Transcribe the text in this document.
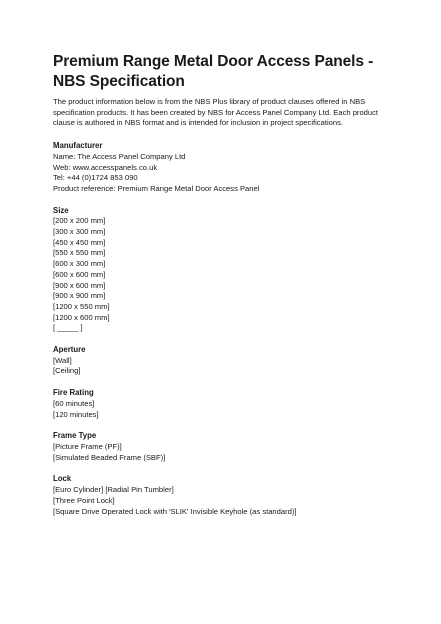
Premium Range Metal Door Access Panels - NBS Specification

The product information below is from the NBS Plus library of product clauses offered in NBS specification products. It has been created by NBS for Access Panel Company Ltd. Each product clause is authored in NBS format and is intended for inclusion in project specifications.

Manufacturer

Name: The Access Panel Company Ltd

Web: www.accesspanels.co.uk

Tel: +44 (0)1724 853 090

Product reference: Premium Range Metal Door Access Panel

Size

[200 x 200 mm]

[300 x 300 mm]

[450 x 450 mm]

[550 x 550 mm]

[600 x 300 mm]

[600 x 600 mm]

[900 x 600 mm]

[900 x 900 mm]

[1200 x 550 mm]

[1200 x 600 mm]

[ _____ ]

Aperture

[Wall]

[Ceiling]

Fire Rating

[60 minutes]

[120 minutes]

Frame Type

[Picture Frame (PF)]

[Simulated Beaded Frame (SBF)]

Lock

[Euro Cylinder] [Radial Pin Tumbler]

[Three Point Lock]

[Square Drive Operated Lock with 'SLIK' Invisible Keyhole (as standard)]
